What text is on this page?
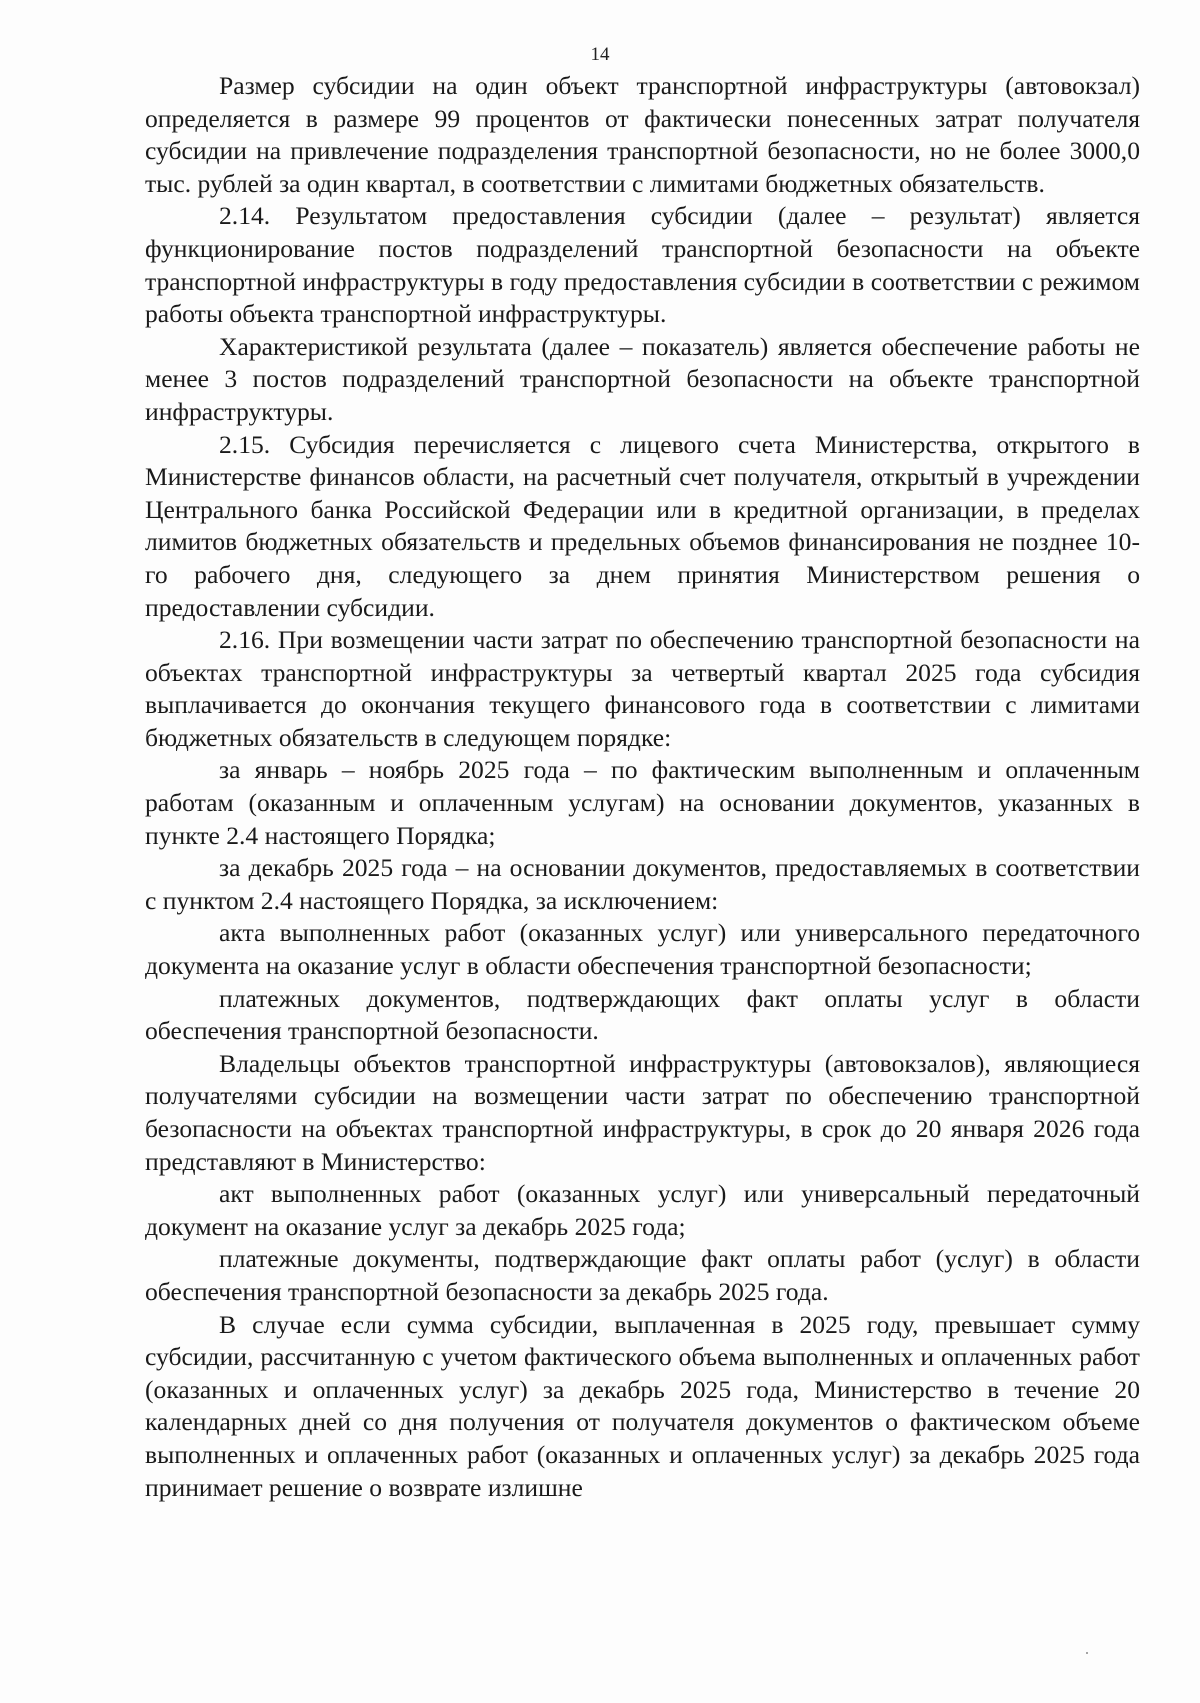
14

Размер субсидии на один объект транспортной инфраструктуры (автовокзал) определяется в размере 99 процентов от фактически понесенных затрат получателя субсидии на привлечение подразделения транспортной безопасности, но не более 3000,0 тыс. рублей за один квартал, в соответствии с лимитами бюджетных обязательств.

2.14. Результатом предоставления субсидии (далее – результат) является функционирование постов подразделений транспортной безопасности на объекте транспортной инфраструктуры в году предоставления субсидии в соответствии с режимом работы объекта транспортной инфраструктуры.

Характеристикой результата (далее – показатель) является обеспечение работы не менее 3 постов подразделений транспортной безопасности на объекте транспортной инфраструктуры.

2.15. Субсидия перечисляется с лицевого счета Министерства, открытого в Министерстве финансов области, на расчетный счет получателя, открытый в учреждении Центрального банка Российской Федерации или в кредитной организации, в пределах лимитов бюджетных обязательств и предельных объемов финансирования не позднее 10-го рабочего дня, следующего за днем принятия Министерством решения о предоставлении субсидии.

2.16. При возмещении части затрат по обеспечению транспортной безопасности на объектах транспортной инфраструктуры за четвертый квартал 2025 года субсидия выплачивается до окончания текущего финансового года в соответствии с лимитами бюджетных обязательств в следующем порядке:

за январь – ноябрь 2025 года – по фактическим выполненным и оплаченным работам (оказанным и оплаченным услугам) на основании документов, указанных в пункте 2.4 настоящего Порядка;

за декабрь 2025 года – на основании документов, предоставляемых в соответствии с пунктом 2.4 настоящего Порядка, за исключением:

акта выполненных работ (оказанных услуг) или универсального передаточного документа на оказание услуг в области обеспечения транспортной безопасности;

платежных документов, подтверждающих факт оплаты услуг в области обеспечения транспортной безопасности.

Владельцы объектов транспортной инфраструктуры (автовокзалов), являющиеся получателями субсидии на возмещении части затрат по обеспечению транспортной безопасности на объектах транспортной инфраструктуры, в срок до 20 января 2026 года представляют в Министерство:

акт выполненных работ (оказанных услуг) или универсальный передаточный документ на оказание услуг за декабрь 2025 года;

платежные документы, подтверждающие факт оплаты работ (услуг) в области обеспечения транспортной безопасности за декабрь 2025 года.

В случае если сумма субсидии, выплаченная в 2025 году, превышает сумму субсидии, рассчитанную с учетом фактического объема выполненных и оплаченных работ (оказанных и оплаченных услуг) за декабрь 2025 года, Министерство в течение 20 календарных дней со дня получения от получателя документов о фактическом объеме выполненных и оплаченных работ (оказанных и оплаченных услуг) за декабрь 2025 года принимает решение о возврате излишне
